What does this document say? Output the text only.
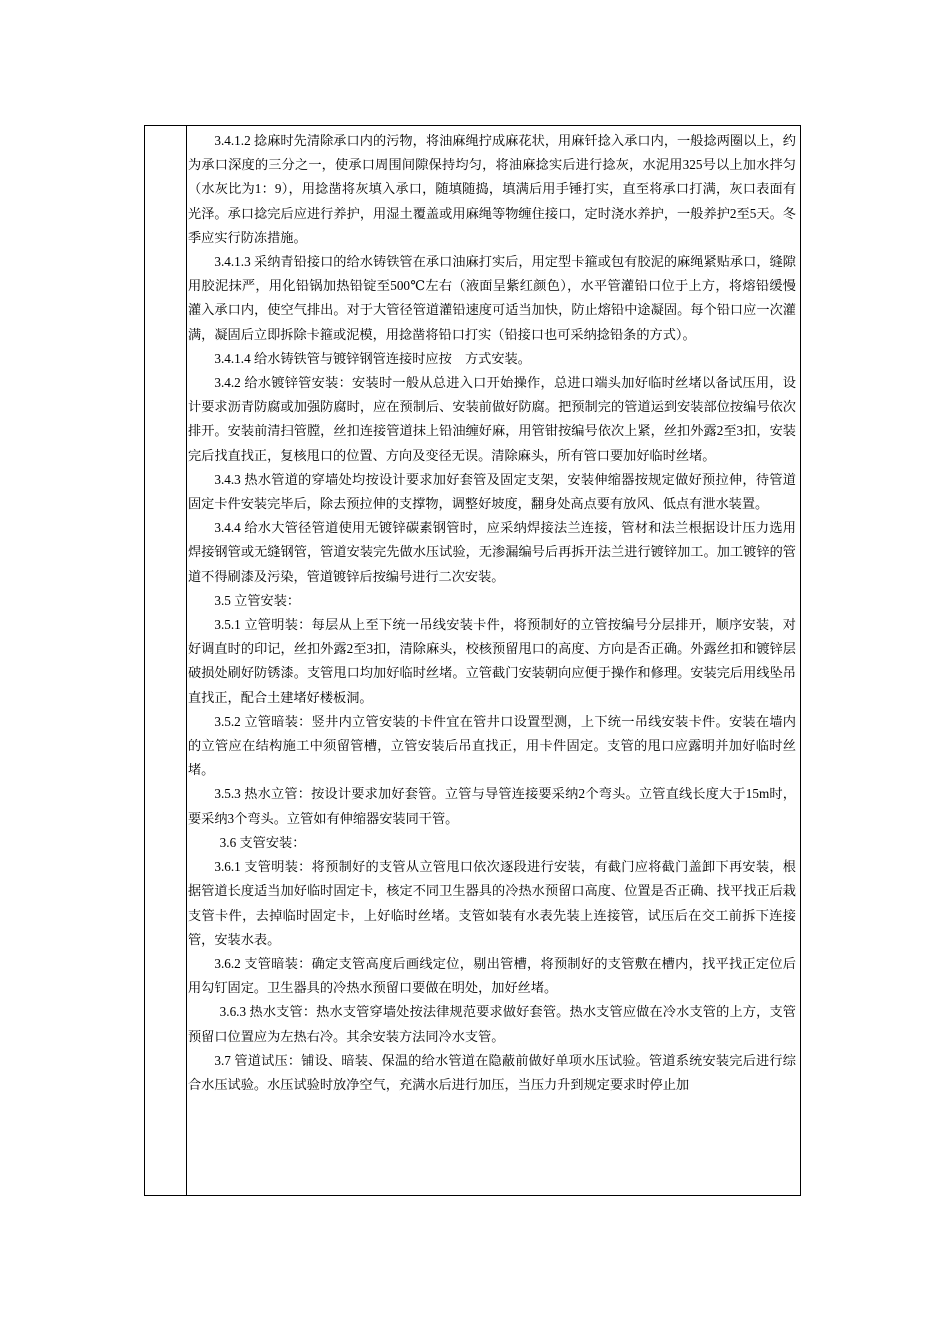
3.4.1.2 捻麻时先清除承口内的污物，将油麻绳拧成麻花状，用麻钎捻入承口内，一般捻两圈以上，约为承口深度的三分之一，使承口周围间隙保持均匀，将油麻捻实后进行捻灰，水泥用325号以上加水拌匀（水灰比为1：9），用捻凿将灰填入承口，随填随捣，填满后用手锤打实，直至将承口打满，灰口表面有光泽。承口捻完后应进行养护，用湿土覆盖或用麻绳等物缠住接口，定时浇水养护，一般养护2至5天。冬季应实行防冻措施。

3.4.1.3 采纳青铅接口的给水铸铁管在承口油麻打实后，用定型卡箍或包有胶泥的麻绳紧贴承口，缝隙用胶泥抹严，用化铅锅加热铅锭至500℃左右（液面呈紫红颜色），水平管灌铅口位于上方，将熔铅缓慢灌入承口内，使空气排出。对于大管径管道灌铅速度可适当加快，防止熔铅中途凝固。每个铅口应一次灌满，凝固后立即拆除卡箍或泥模，用捻凿将铅口打实（铅接口也可采纳捻铅条的方式）。

3.4.1.4 给水铸铁管与镀锌钢管连接时应按　方式安装。

3.4.2 给水镀锌管安装：安装时一般从总进入口开始操作，总进口端头加好临时丝堵以备试压用，设计要求沥青防腐或加强防腐时，应在预制后、安装前做好防腐。把预制完的管道运到安装部位按编号依次排开。安装前清扫管膛，丝扣连接管道抹上铅油缠好麻，用管钳按编号依次上紧，丝扣外露2至3扣，安装完后找直找正，复核甩口的位置、方向及变径无误。清除麻头，所有管口要加好临时丝堵。

3.4.3 热水管道的穿墙处均按设计要求加好套管及固定支架，安装伸缩器按规定做好预拉伸，待管道固定卡件安装完毕后，除去预拉伸的支撑物，调整好坡度，翻身处高点要有放风、低点有泄水装置。

3.4.4 给水大管径管道使用无镀锌碳素钢管时，应采纳焊接法兰连接，管材和法兰根据设计压力选用焊接钢管或无缝钢管，管道安装完先做水压试验，无渗漏编号后再拆开法兰进行镀锌加工。加工镀锌的管道不得刷漆及污染，管道镀锌后按编号进行二次安装。

3.5 立管安装：

3.5.1 立管明装：每层从上至下统一吊线安装卡件，将预制好的立管按编号分层排开，顺序安装，对好调直时的印记，丝扣外露2至3扣，清除麻头，校核预留甩口的高度、方向是否正确。外露丝扣和镀锌层破损处刷好防锈漆。支管甩口均加好临时丝堵。立管截门安装朝向应便于操作和修理。安装完后用线坠吊直找正，配合土建堵好楼板洞。

3.5.2 立管暗装：竖井内立管安装的卡件宜在管井口设置型测，上下统一吊线安装卡件。安装在墙内的立管应在结构施工中须留管槽，立管安装后吊直找正，用卡件固定。支管的甩口应露明并加好临时丝堵。

3.5.3 热水立管：按设计要求加好套管。立管与导管连接要采纳2个弯头。立管直线长度大于15m时，要采纳3个弯头。立管如有伸缩器安装同干管。

3.6 支管安装：

3.6.1 支管明装：将预制好的支管从立管甩口依次逐段进行安装，有截门应将截门盖卸下再安装，根据管道长度适当加好临时固定卡，核定不同卫生器具的冷热水预留口高度、位置是否正确、找平找正后栽支管卡件，去掉临时固定卡，上好临时丝堵。支管如装有水表先装上连接管，试压后在交工前拆下连接管，安装水表。

3.6.2 支管暗装：确定支管高度后画线定位，剔出管槽，将预制好的支管敷在槽内，找平找正定位后用勾钉固定。卫生器具的冷热水预留口要做在明处，加好丝堵。

3.6.3 热水支管：热水支管穿墙处按法律规范要求做好套管。热水支管应做在冷水支管的上方，支管预留口位置应为左热右冷。其余安装方法同冷水支管。

3.7 管道试压：铺设、暗装、保温的给水管道在隐蔽前做好单项水压试验。管道系统安装完后进行综合水压试验。水压试验时放净空气，充满水后进行加压，当压力升到规定要求时停止加
